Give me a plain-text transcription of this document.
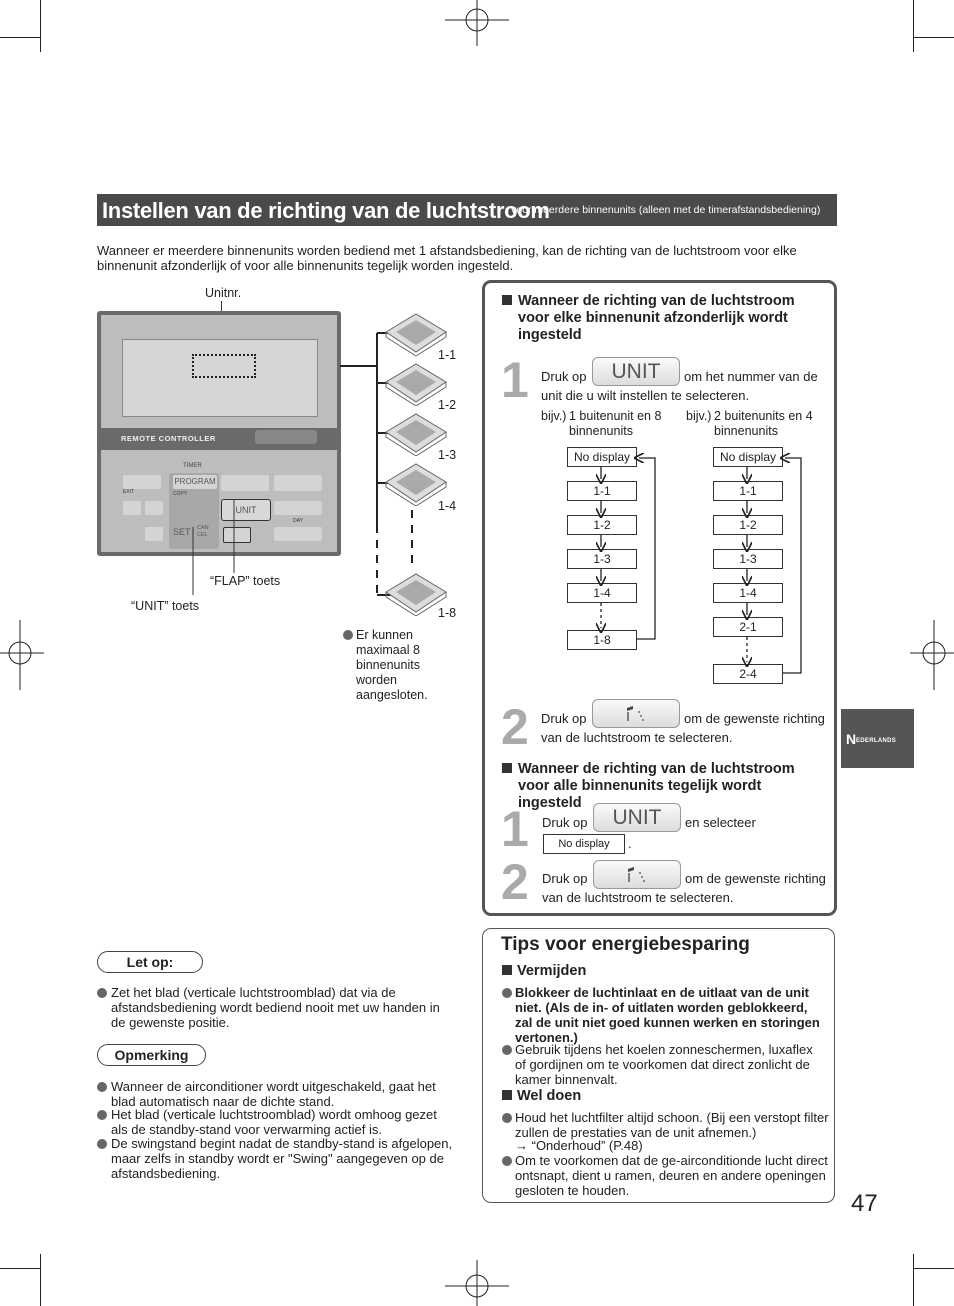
Instellen van de richting van de luchtstroom
voor meerdere binnenunits (alleen met de timerafstandsbediening)
Wanneer er meerdere binnenunits worden bediend met 1 afstandsbediening, kan de richting van de luchtstroom voor elke binnenunit afzonderlijk of voor alle binnenunits tegelijk worden ingesteld.
Unitnr.
REMOTE CONTROLLER
TIMER
PROGRAM
COPY
UNIT
SET CAN CEL
EXIT
DAY
“FLAP” toets
“UNIT” toets
1-1
1-2
1-3
1-4
1-8
Er kunnen maximaal 8 binnenunits worden aangesloten.
Wanneer de richting van de luchtstroom voor elke binnenunit afzonderlijk wordt ingesteld
1 Druk op	UNIT	om het nummer van de
unit die u wilt instellen te selecteren.
bijv.) 1 buitenunit en 8 binnenunits
bijv.) 2 buitenunits en 4 binnenunits
No display
1-1
1-2
1-3
1-4
1-8
No display
1-1
1-2
1-3
1-4
2-1
2-4
2 Druk op	om de gewenste richting
van de luchtstroom te selecteren.
Wanneer de richting van de luchtstroom voor alle binnenunits tegelijk wordt ingesteld
1 Druk op	UNIT	en selecteer
No display	.
2 Druk op	om de gewenste richting
van de luchtstroom te selecteren.
Let op:
Zet het blad (verticale luchtstroomblad) dat via de afstandsbediening wordt bediend nooit met uw handen in de gewenste positie.
Opmerking
Wanneer de airconditioner wordt uitgeschakeld, gaat het blad automatisch naar de dichte stand.
Het blad (verticale luchtstroomblad) wordt omhoog gezet als de standby-stand voor verwarming actief is.
De swingstand begint nadat de standby-stand is afgelopen, maar zelfs in standby wordt er "Swing" aangegeven op de afstandsbediening.
Tips voor energiebesparing
Vermijden
Blokkeer de luchtinlaat en de uitlaat van de unit niet. (Als de in- of uitlaten worden geblokkeerd, zal de unit niet goed kunnen werken en storingen vertonen.)
Gebruik tijdens het koelen zonneschermen, luxaflex of gordijnen om te voorkomen dat direct zonlicht de kamer binnenvalt.
Wel doen
Houd het luchtfilter altijd schoon. (Bij een verstopt filter zullen de prestaties van de unit afnemen.)
→ “Onderhoud” (P.48)
Om te voorkomen dat de ge-airconditionde lucht direct ontsnapt, dient u ramen, deuren en andere openingen gesloten te houden.
N EDERLANDS
47
